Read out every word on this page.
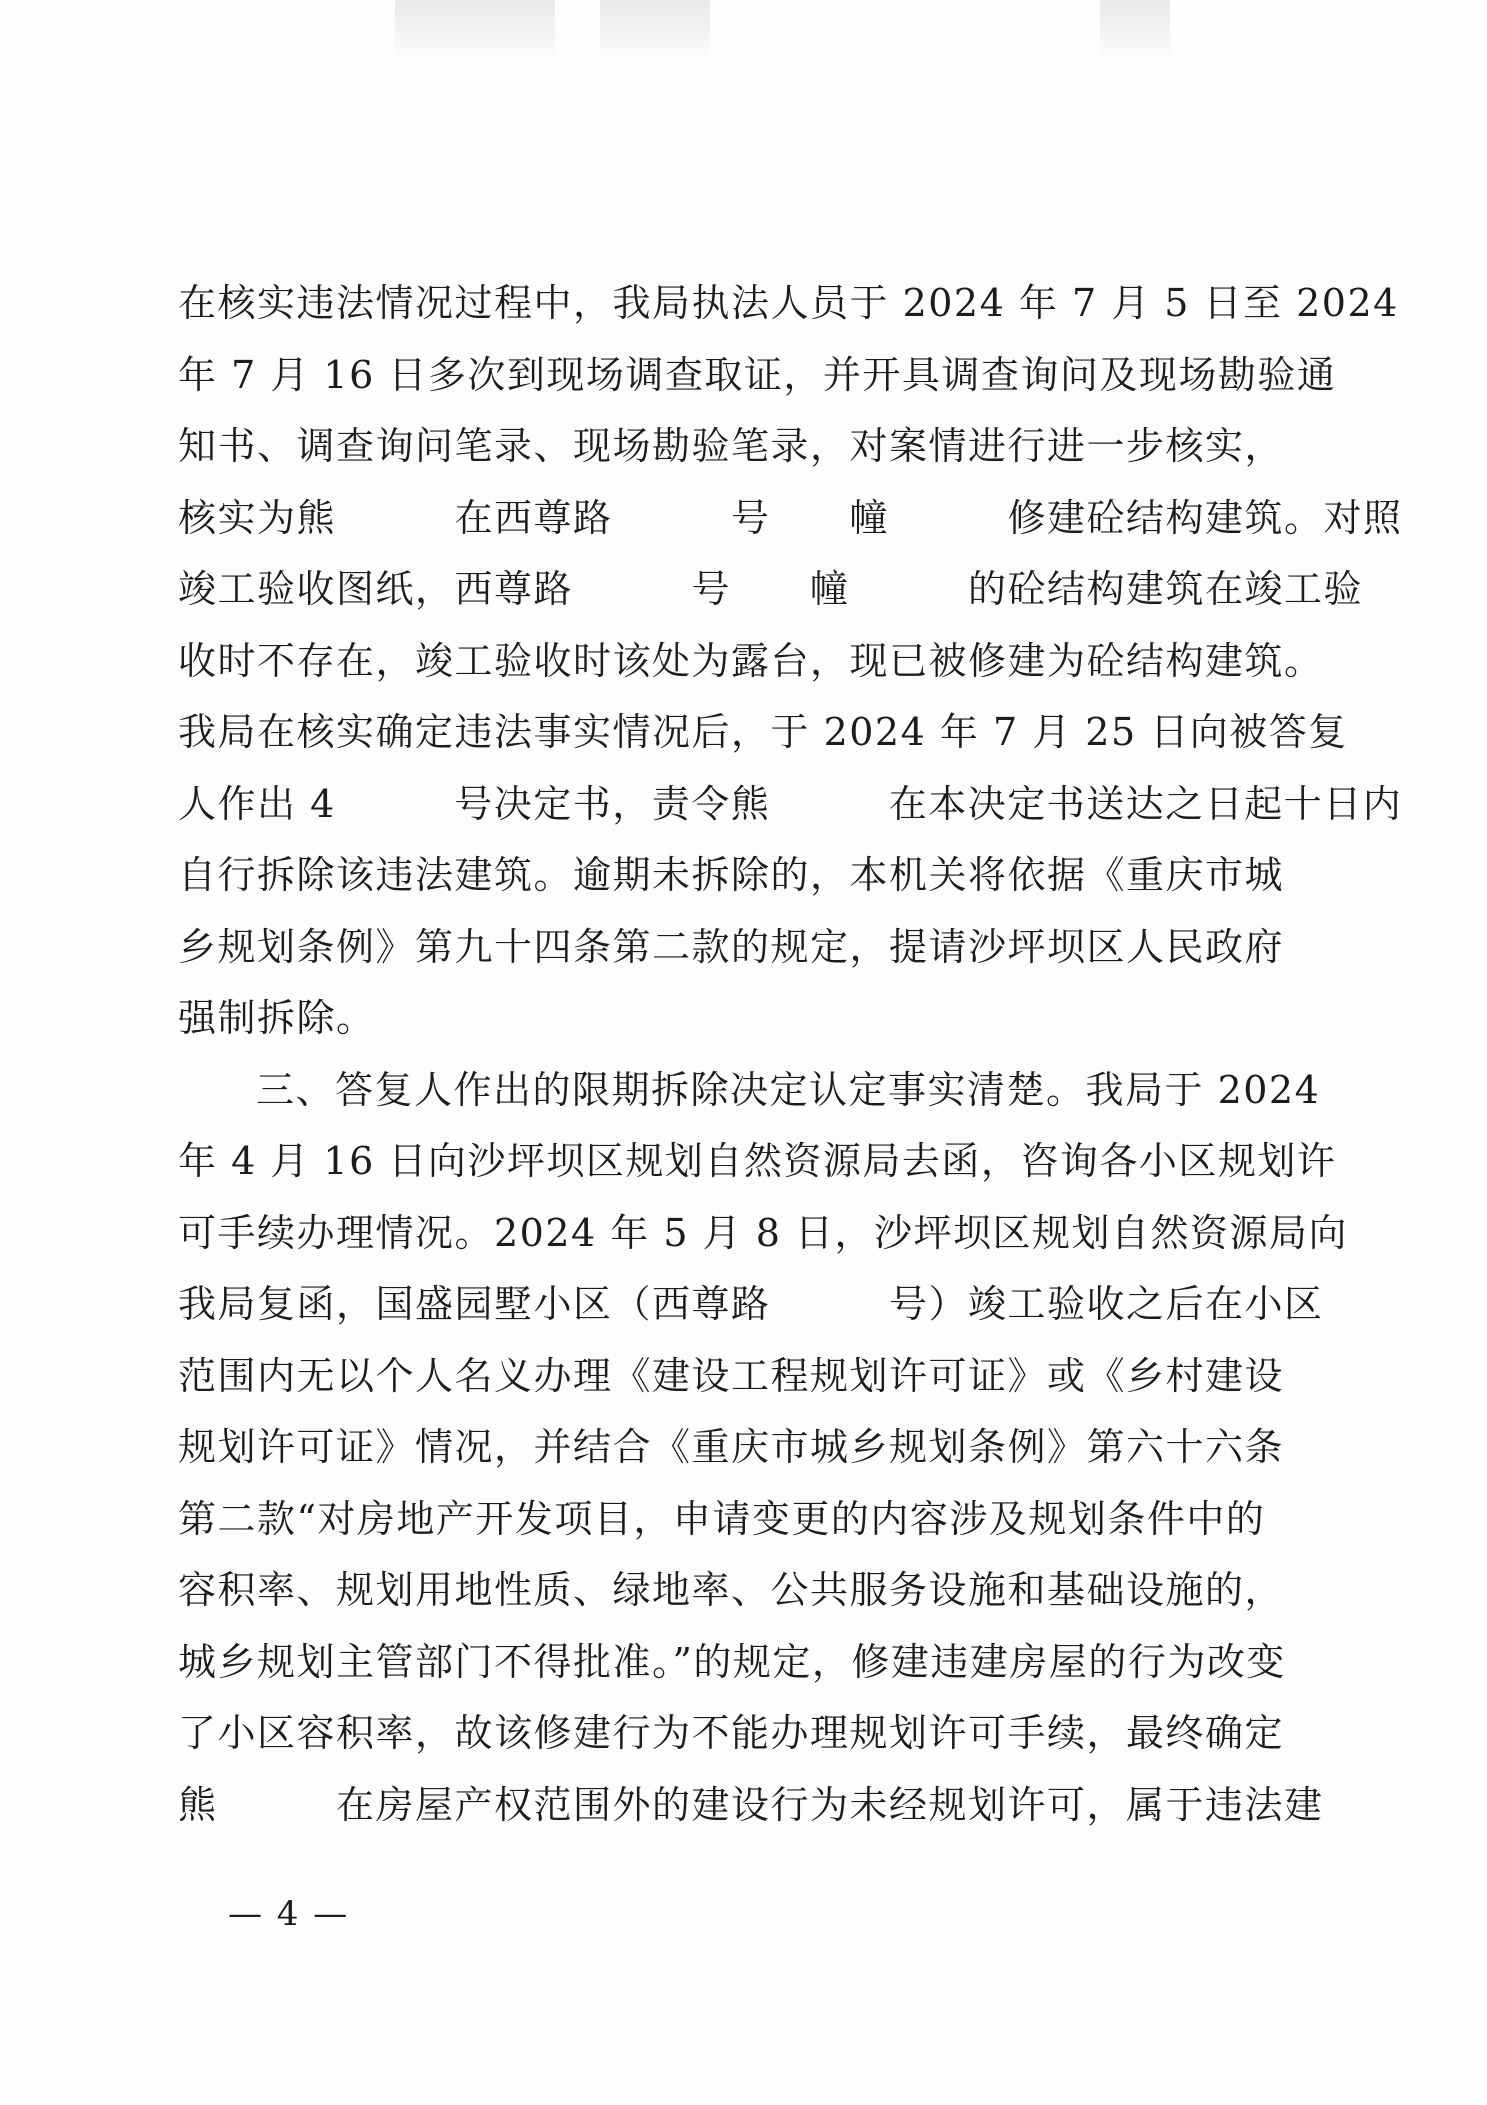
在核实违法情况过程中，我局执法人员于 2024 年 7 月 5 日至 2024
年 7 月 16 日多次到现场调查取证，并开具调查询问及现场勘验通
知书、调查询问笔录、现场勘验笔录，对案情进行进一步核实，
核实为熊　　　在西尊路　　　号　　幢　　　修建砼结构建筑。对照
竣工验收图纸，西尊路　　　号　　幢　　　的砼结构建筑在竣工验
收时不存在，竣工验收时该处为露台，现已被修建为砼结构建筑。
我局在核实确定违法事实情况后，于 2024 年 7 月 25 日向被答复
人作出 4　　　号决定书，责令熊　　　在本决定书送达之日起十日内
自行拆除该违法建筑。逾期未拆除的，本机关将依据《重庆市城
乡规划条例》第九十四条第二款的规定，提请沙坪坝区人民政府
强制拆除。
三、答复人作出的限期拆除决定认定事实清楚。我局于 2024
年 4 月 16 日向沙坪坝区规划自然资源局去函，咨询各小区规划许
可手续办理情况。2024 年 5 月 8 日，沙坪坝区规划自然资源局向
我局复函，国盛园墅小区（西尊路　　　号）竣工验收之后在小区
范围内无以个人名义办理《建设工程规划许可证》或《乡村建设
规划许可证》情况，并结合《重庆市城乡规划条例》第六十六条
第二款“对房地产开发项目，申请变更的内容涉及规划条件中的
容积率、规划用地性质、绿地率、公共服务设施和基础设施的，
城乡规划主管部门不得批准。”的规定，修建违建房屋的行为改变
了小区容积率，故该修建行为不能办理规划许可手续，最终确定
熊　　　在房屋产权范围外的建设行为未经规划许可，属于违法建
— 4 —
